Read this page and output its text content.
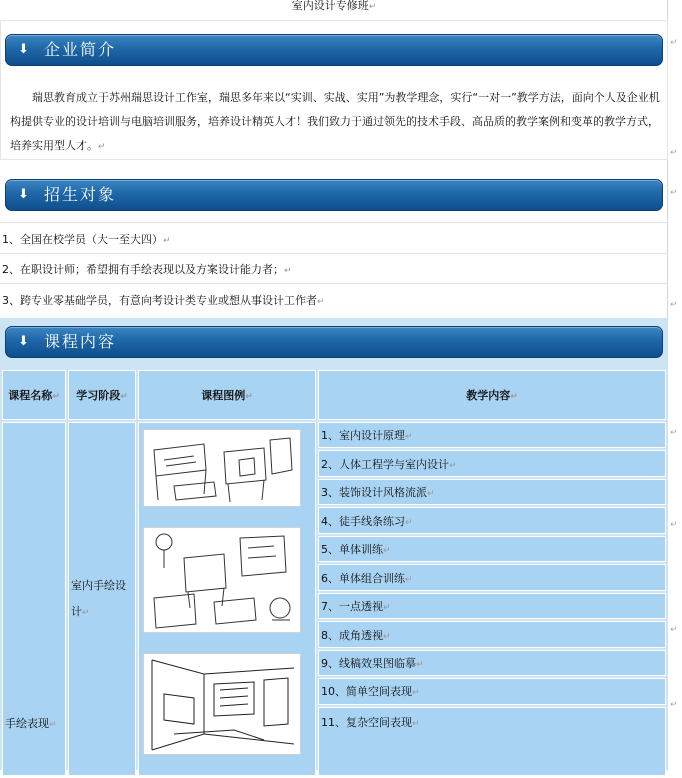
↵
↵
↵
↵
↵
↵
↵
↵
室内设计专修班↵
⬇ 企业简介
瑞思教育成立于苏州瑞思设计工作室，瑞思多年来以“实训、实战、实用”为教学理念，实行“一对一”教学方法，面向个人及企业机构提供专业的设计培训与电脑培训服务，培养设计精英人才！我们致力于通过领先的技术手段、高品质的教学案例和变革的教学方式，培养实用型人才。↵
⬇ 招生对象
1、全国在校学员（大一至大四）↵
2、在职设计师；希望拥有手绘表现以及方案设计能力者；↵
3、跨专业零基础学员，有意向考设计类专业或想从事设计工作者↵
⬇ 课程内容
课程名称↵	学习阶段↵	课程图例↵	教学内容↵
手绘表现↵	室内手绘设计↵		1、室内设计原理↵
			2、人体工程学与室内设计↵
			3、装饰设计风格流派↵
			4、徒手线条练习↵
			5、单体训练↵
			6、单体组合训练↵
			7、一点透视↵
			8、成角透视↵
			9、线稿效果图临摹↵
			10、简单空间表现↵
			11、复杂空间表现↵
